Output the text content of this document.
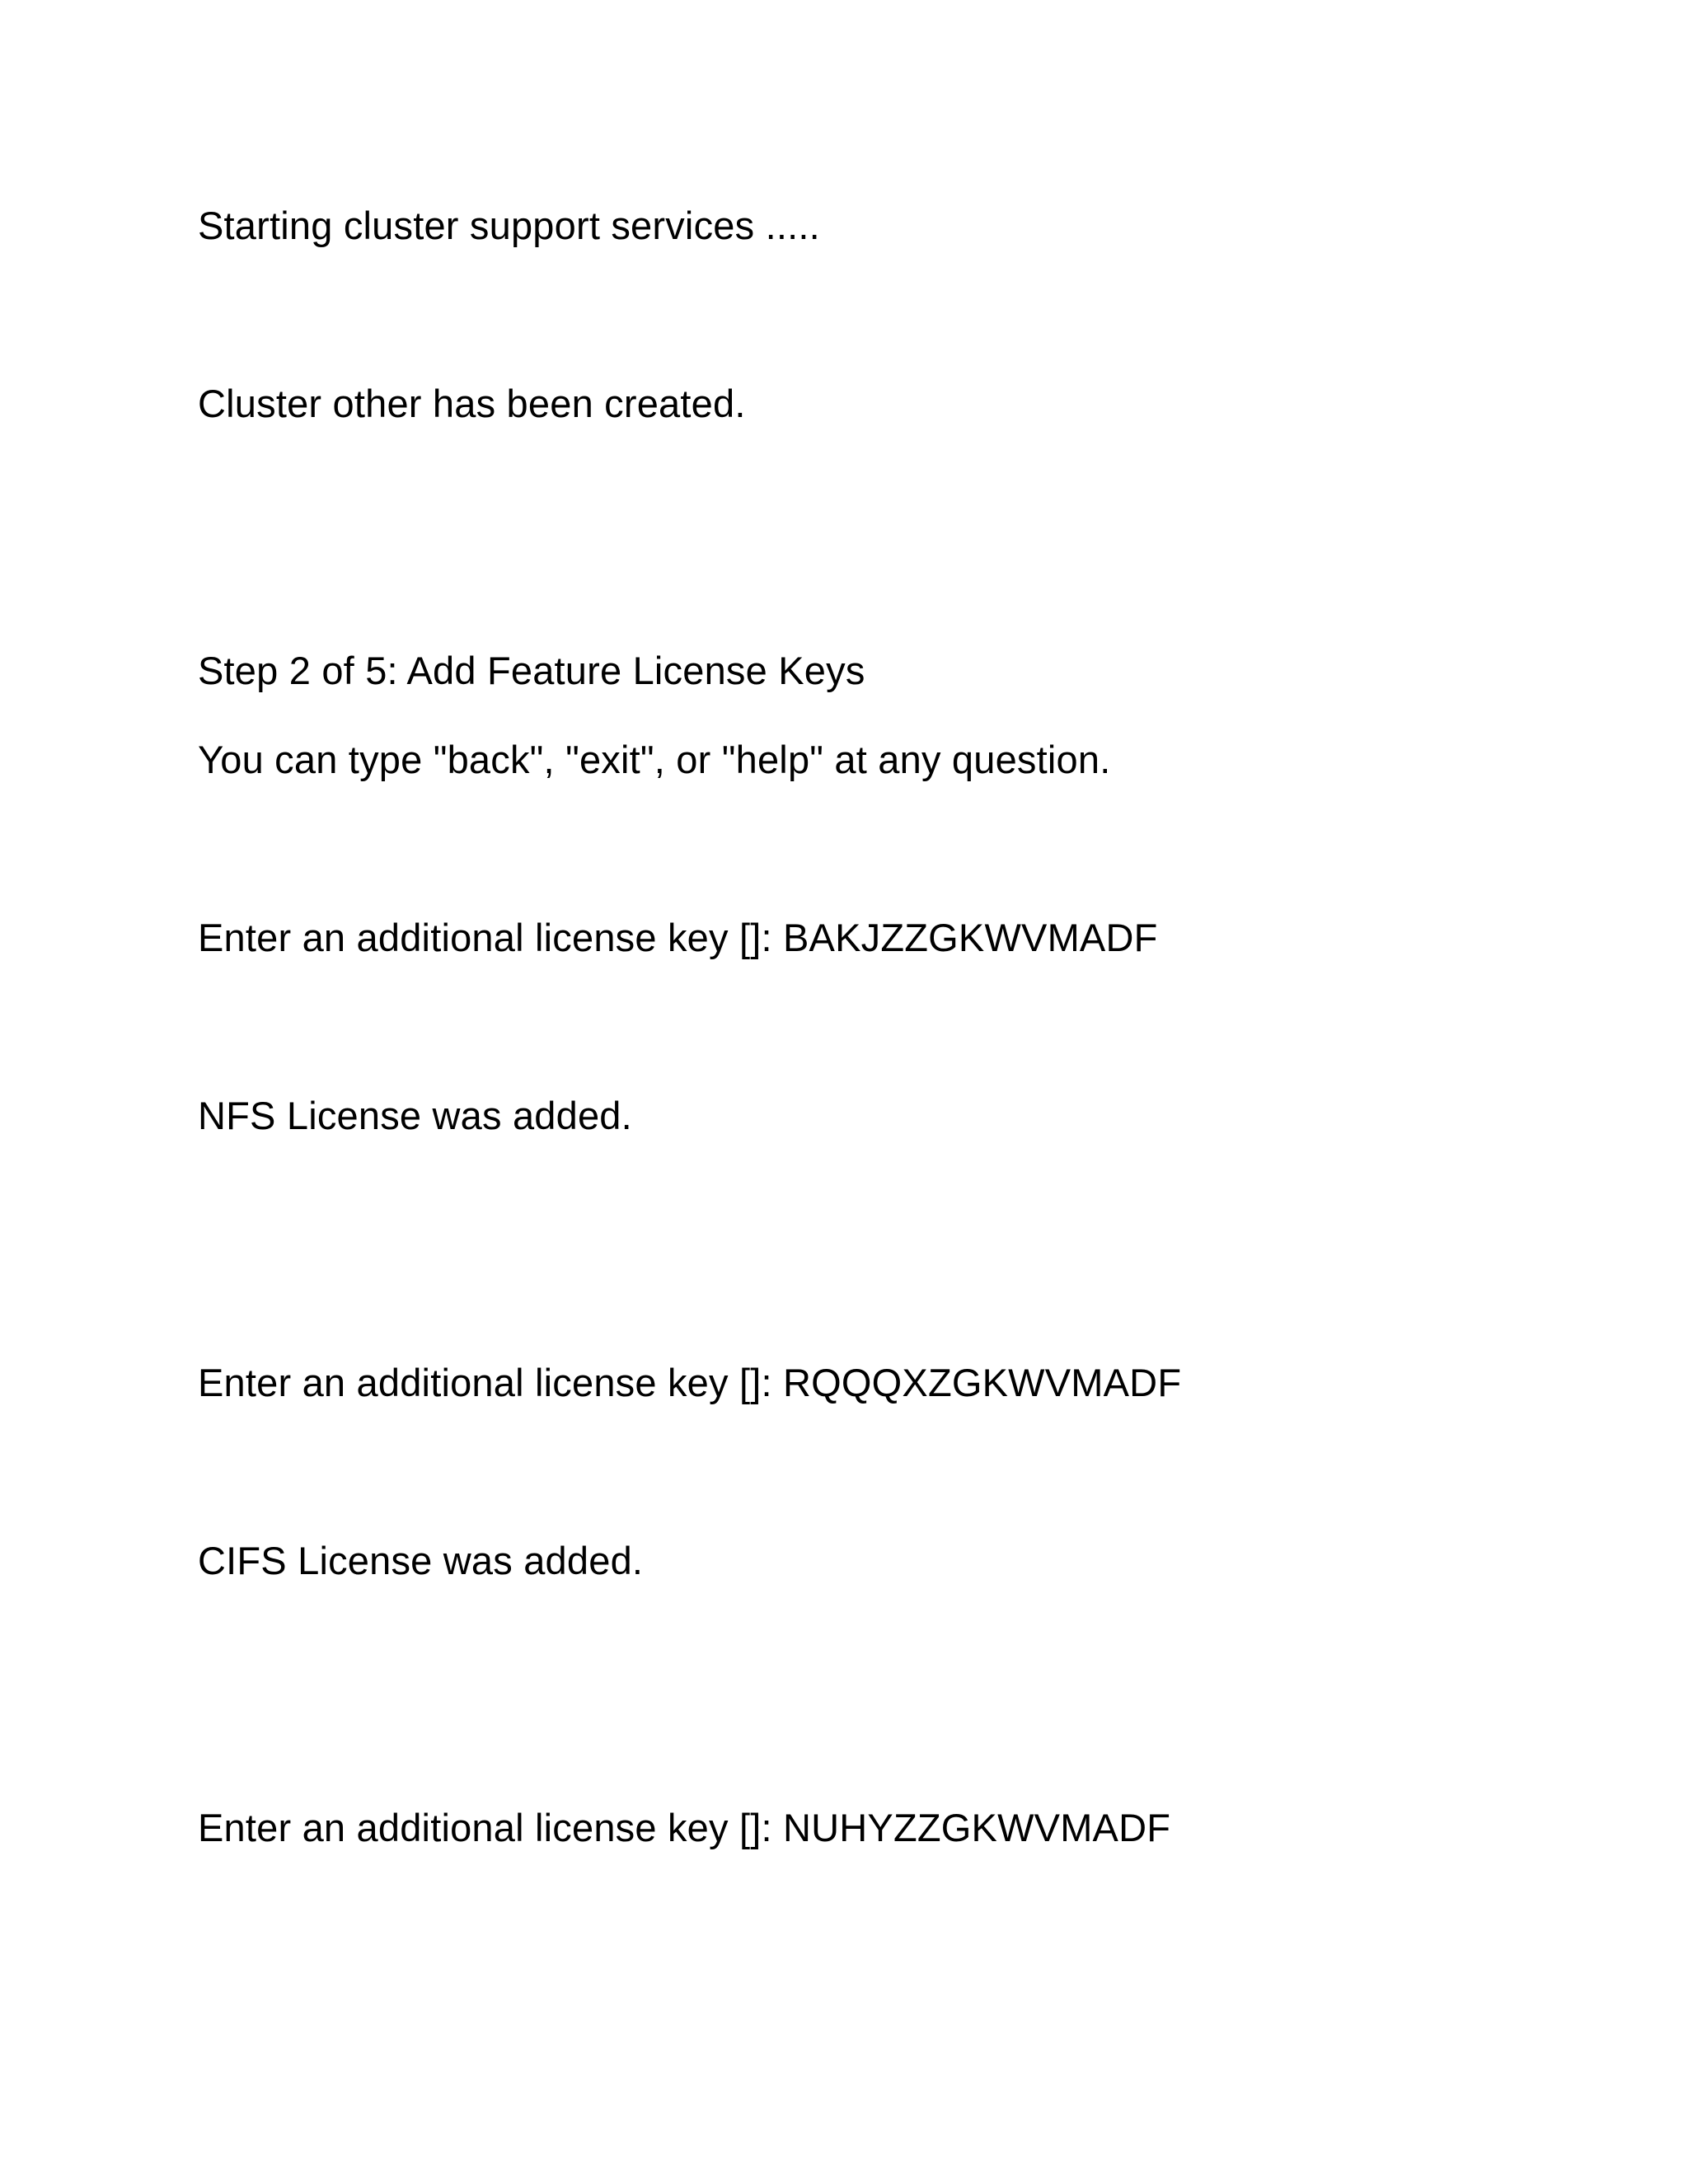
Starting cluster support services .....
Cluster other has been created.
Step 2 of 5: Add Feature License Keys
You can type "back", "exit", or "help" at any question.
Enter an additional license key []: BAKJZZGKWVMADF
NFS License was added.
Enter an additional license key []: RQQQXZGKWVMADF
CIFS License was added.
Enter an additional license key []: NUHYZZGKWVMADF
